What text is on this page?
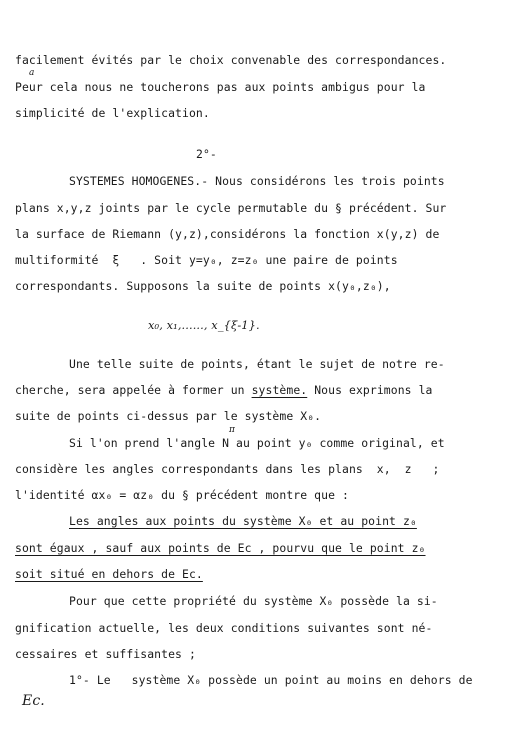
facilement évités par le choix convenable des correspondances.
Peur cela nous ne toucherons pas aux points ambigus pour la
a
simplicité de l'explication.
2°-
SYSTEMES HOMOGENES.- Nous considérons les trois points
plans x,y,z joints par le cycle permutable du § précédent. Sur
la surface de Riemann (y,z),considérons la fonction x(y,z) de
multiformité  ξ   . Soit y=y₀, z=z₀ une paire de points
correspondants. Supposons la suite de points x(y₀,z₀),
x₀, x₁,......, x_{ξ-1}.
Une telle suite de points, étant le sujet de notre re-
cherche, sera appelée à former un système. Nous exprimons la
suite de points ci-dessus par le système X₀.
Si l'on prend l'angle N au point y₀ comme original, et
π
considère les angles correspondants dans les plans  x,  z   ;
l'identité αx₀ = αz₀ du § précédent montre que :
Les angles aux points du système X₀ et au point z₀
sont égaux , sauf aux points de Ec , pourvu que le point z₀
soit situé en dehors de Ec.
Pour que cette propriété du système X₀ possède la si-
gnification actuelle, les deux conditions suivantes sont né-
cessaires et suffisantes ;
1°- Le   système X₀ possède un point au moins en dehors de
Ec.
